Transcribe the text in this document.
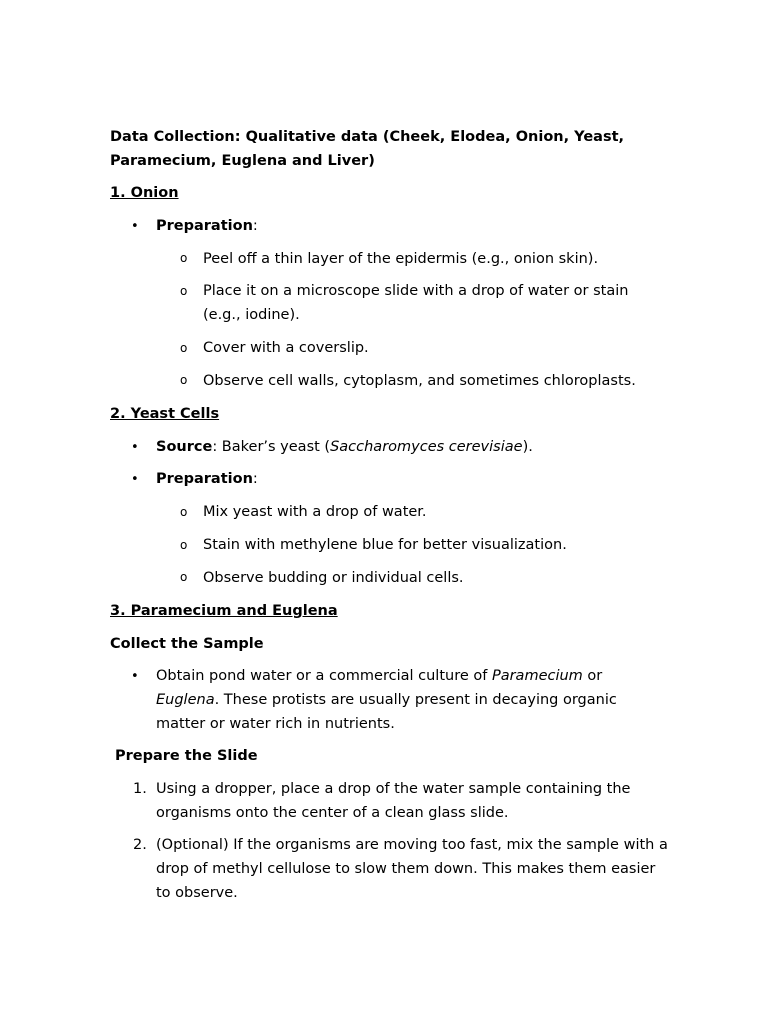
Data Collection: Qualitative data (Cheek, Elodea, Onion, Yeast,
Paramecium, Euglena and Liver)
1. Onion
• Preparation:
o Peel off a thin layer of the epidermis (e.g., onion skin).
o Place it on a microscope slide with a drop of water or stain
(e.g., iodine).
o Cover with a coverslip.
o Observe cell walls, cytoplasm, and sometimes chloroplasts.
2. Yeast Cells
• Source: Baker’s yeast (Saccharomyces cerevisiae).
• Preparation:
o Mix yeast with a drop of water.
o Stain with methylene blue for better visualization.
o Observe budding or individual cells.
3. Paramecium and Euglena
Collect the Sample
• Obtain pond water or a commercial culture of Paramecium or
Euglena. These protists are usually present in decaying organic
matter or water rich in nutrients.
Prepare the Slide
1. Using a dropper, place a drop of the water sample containing the
organisms onto the center of a clean glass slide.
2. (Optional) If the organisms are moving too fast, mix the sample with a
drop of methyl cellulose to slow them down. This makes them easier
to observe.
